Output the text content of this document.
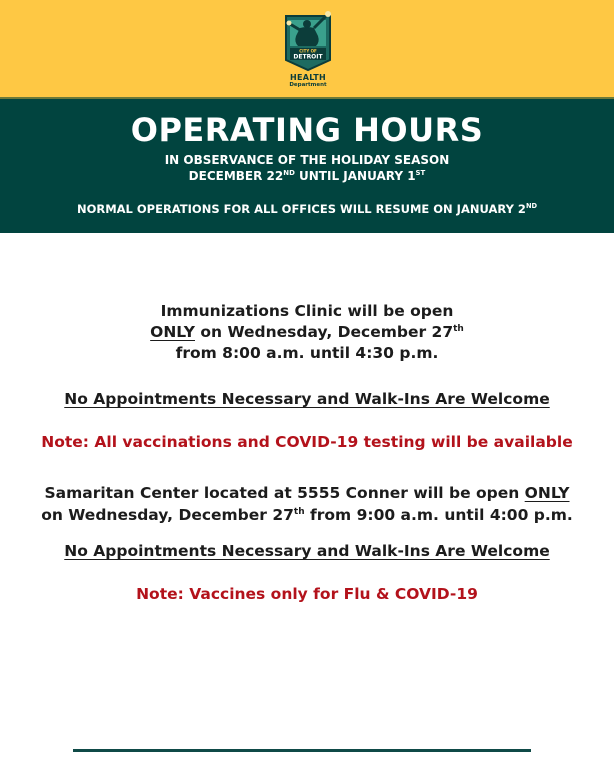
CITY OF
DETROIT
HEALTH
Department
OPERATING HOURS
IN OBSERVANCE OF THE HOLIDAY SEASON
DECEMBER 22ND UNTIL JANUARY 1ST
NORMAL OPERATIONS FOR ALL OFFICES WILL RESUME ON JANUARY 2ND
Immunizations Clinic will be open
ONLY on Wednesday, December 27th
from 8:00 a.m. until 4:30 p.m.
No Appointments Necessary and Walk-Ins Are Welcome
Note: All vaccinations and COVID-19 testing will be available
Samaritan Center located at 5555 Conner will be open ONLY
on Wednesday, December 27th from 9:00 a.m. until 4:00 p.m.
No Appointments Necessary and Walk-Ins Are Welcome
Note: Vaccines only for Flu & COVID-19
